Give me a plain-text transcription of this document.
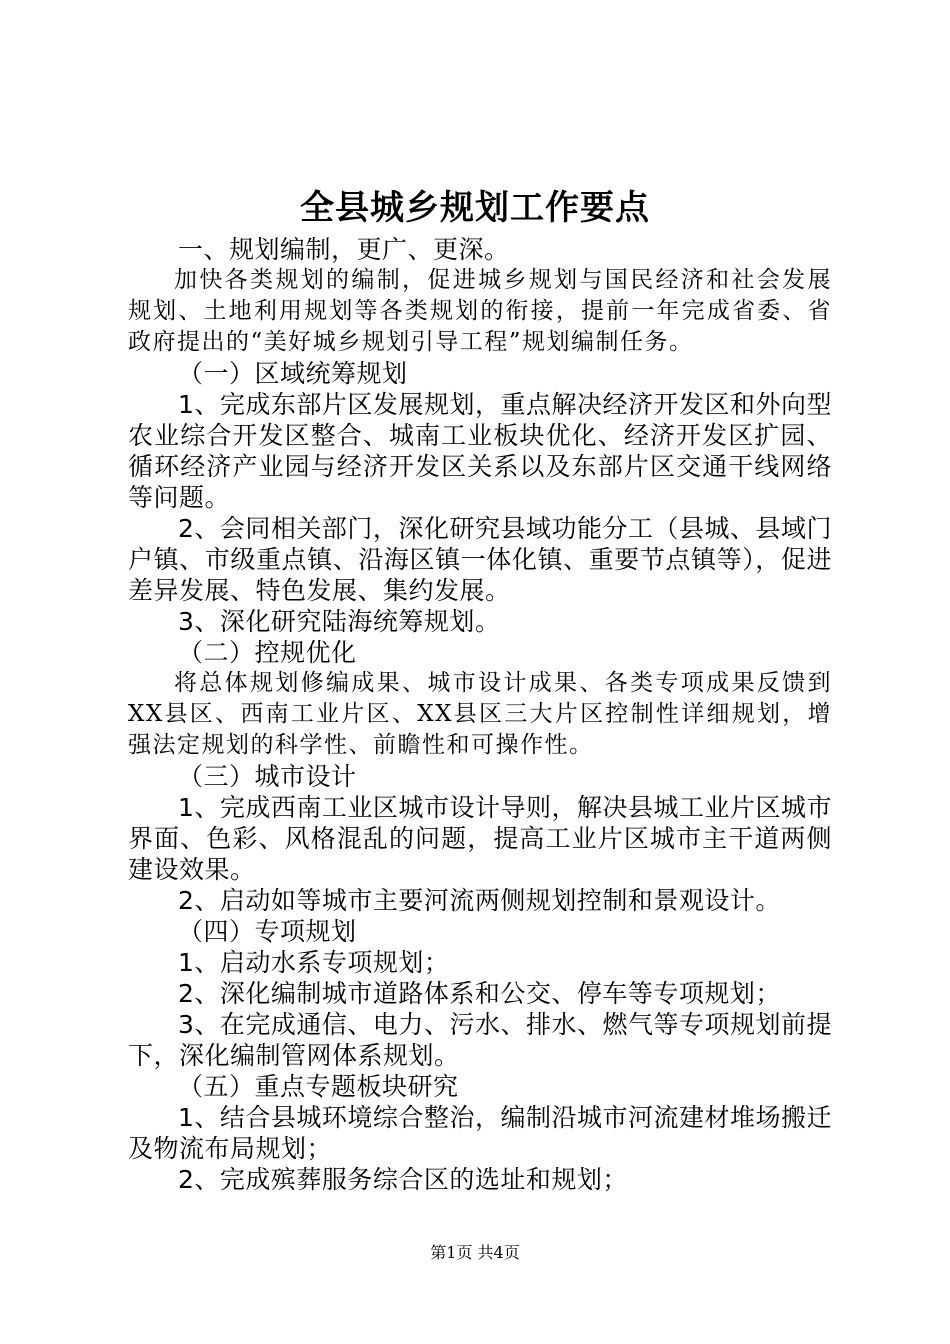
全县城乡规划工作要点

一、规划编制，更广、更深。

加快各类规划的编制，促进城乡规划与国民经济和社会发展规划、土地利用规划等各类规划的衔接，提前一年完成省委、省政府提出的“美好城乡规划引导工程”规划编制任务。

（一）区域统筹规划

1、完成东部片区发展规划，重点解决经济开发区和外向型农业综合开发区整合、城南工业板块优化、经济开发区扩园、循环经济产业园与经济开发区关系以及东部片区交通干线网络等问题。

2、会同相关部门，深化研究县域功能分工（县城、县域门户镇、市级重点镇、沿海区镇一体化镇、重要节点镇等），促进差异发展、特色发展、集约发展。

3、深化研究陆海统筹规划。

（二）控规优化

将总体规划修编成果、城市设计成果、各类专项成果反馈到XX县区、西南工业片区、XX县区三大片区控制性详细规划，增强法定规划的科学性、前瞻性和可操作性。

（三）城市设计

1、完成西南工业区城市设计导则，解决县城工业片区城市界面、色彩、风格混乱的问题，提高工业片区城市主干道两侧建设效果。

2、启动如等城市主要河流两侧规划控制和景观设计。

（四）专项规划

1、启动水系专项规划；

2、深化编制城市道路体系和公交、停车等专项规划；

3、在完成通信、电力、污水、排水、燃气等专项规划前提下，深化编制管网体系规划。

（五）重点专题板块研究

1、结合县城环境综合整治，编制沿城市河流建材堆场搬迁及物流布局规划；

2、完成殡葬服务综合区的选址和规划；

第1页 共4页
